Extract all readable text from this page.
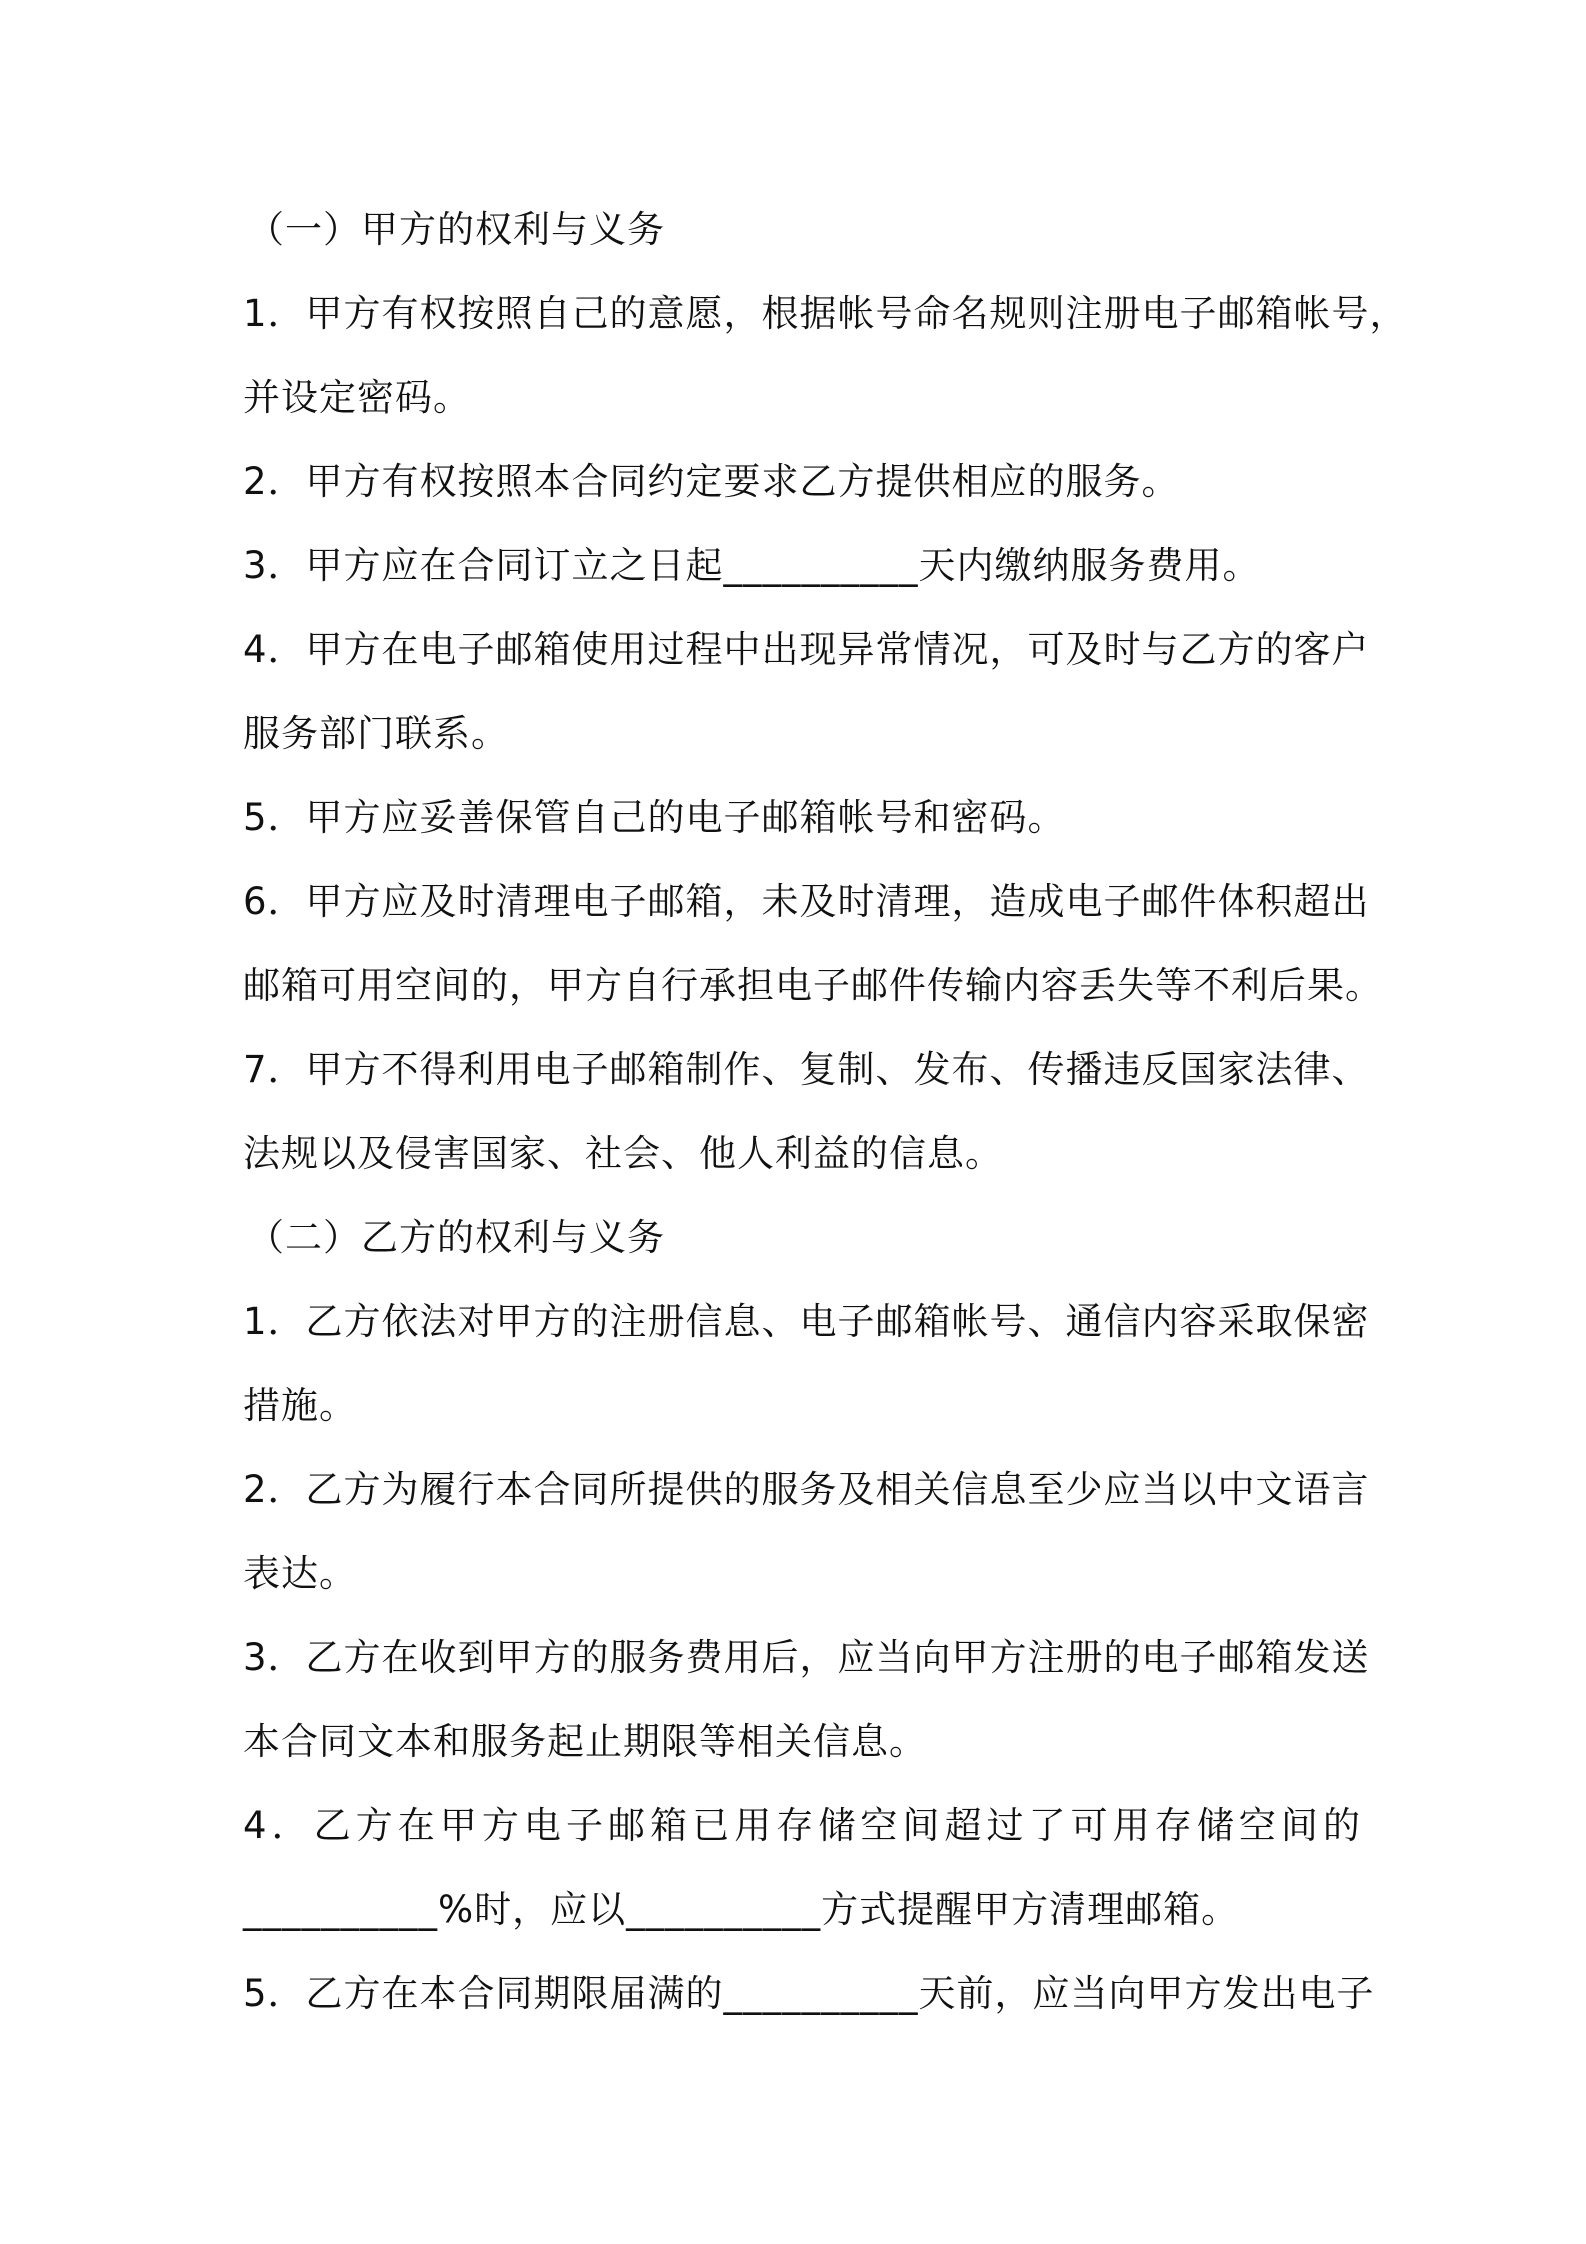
（一）甲方的权利与义务
1．甲方有权按照自己的意愿，根据帐号命名规则注册电子邮箱帐号，
并设定密码。
2．甲方有权按照本合同约定要求乙方提供相应的服务。
3．甲方应在合同订立之日起__________天内缴纳服务费用。
4．甲方在电子邮箱使用过程中出现异常情况，可及时与乙方的客户
服务部门联系。
5．甲方应妥善保管自己的电子邮箱帐号和密码。
6．甲方应及时清理电子邮箱，未及时清理，造成电子邮件体积超出
邮箱可用空间的，甲方自行承担电子邮件传输内容丢失等不利后果。
7．甲方不得利用电子邮箱制作、复制、发布、传播违反国家法律、
法规以及侵害国家、社会、他人利益的信息。
（二）乙方的权利与义务
1．乙方依法对甲方的注册信息、电子邮箱帐号、通信内容采取保密
措施。
2．乙方为履行本合同所提供的服务及相关信息至少应当以中文语言
表达。
3．乙方在收到甲方的服务费用后，应当向甲方注册的电子邮箱发送
本合同文本和服务起止期限等相关信息。
4．乙方在甲方电子邮箱已用存储空间超过了可用存储空间的
__________%时，应以__________方式提醒甲方清理邮箱。
5．乙方在本合同期限届满的__________天前，应当向甲方发出电子
